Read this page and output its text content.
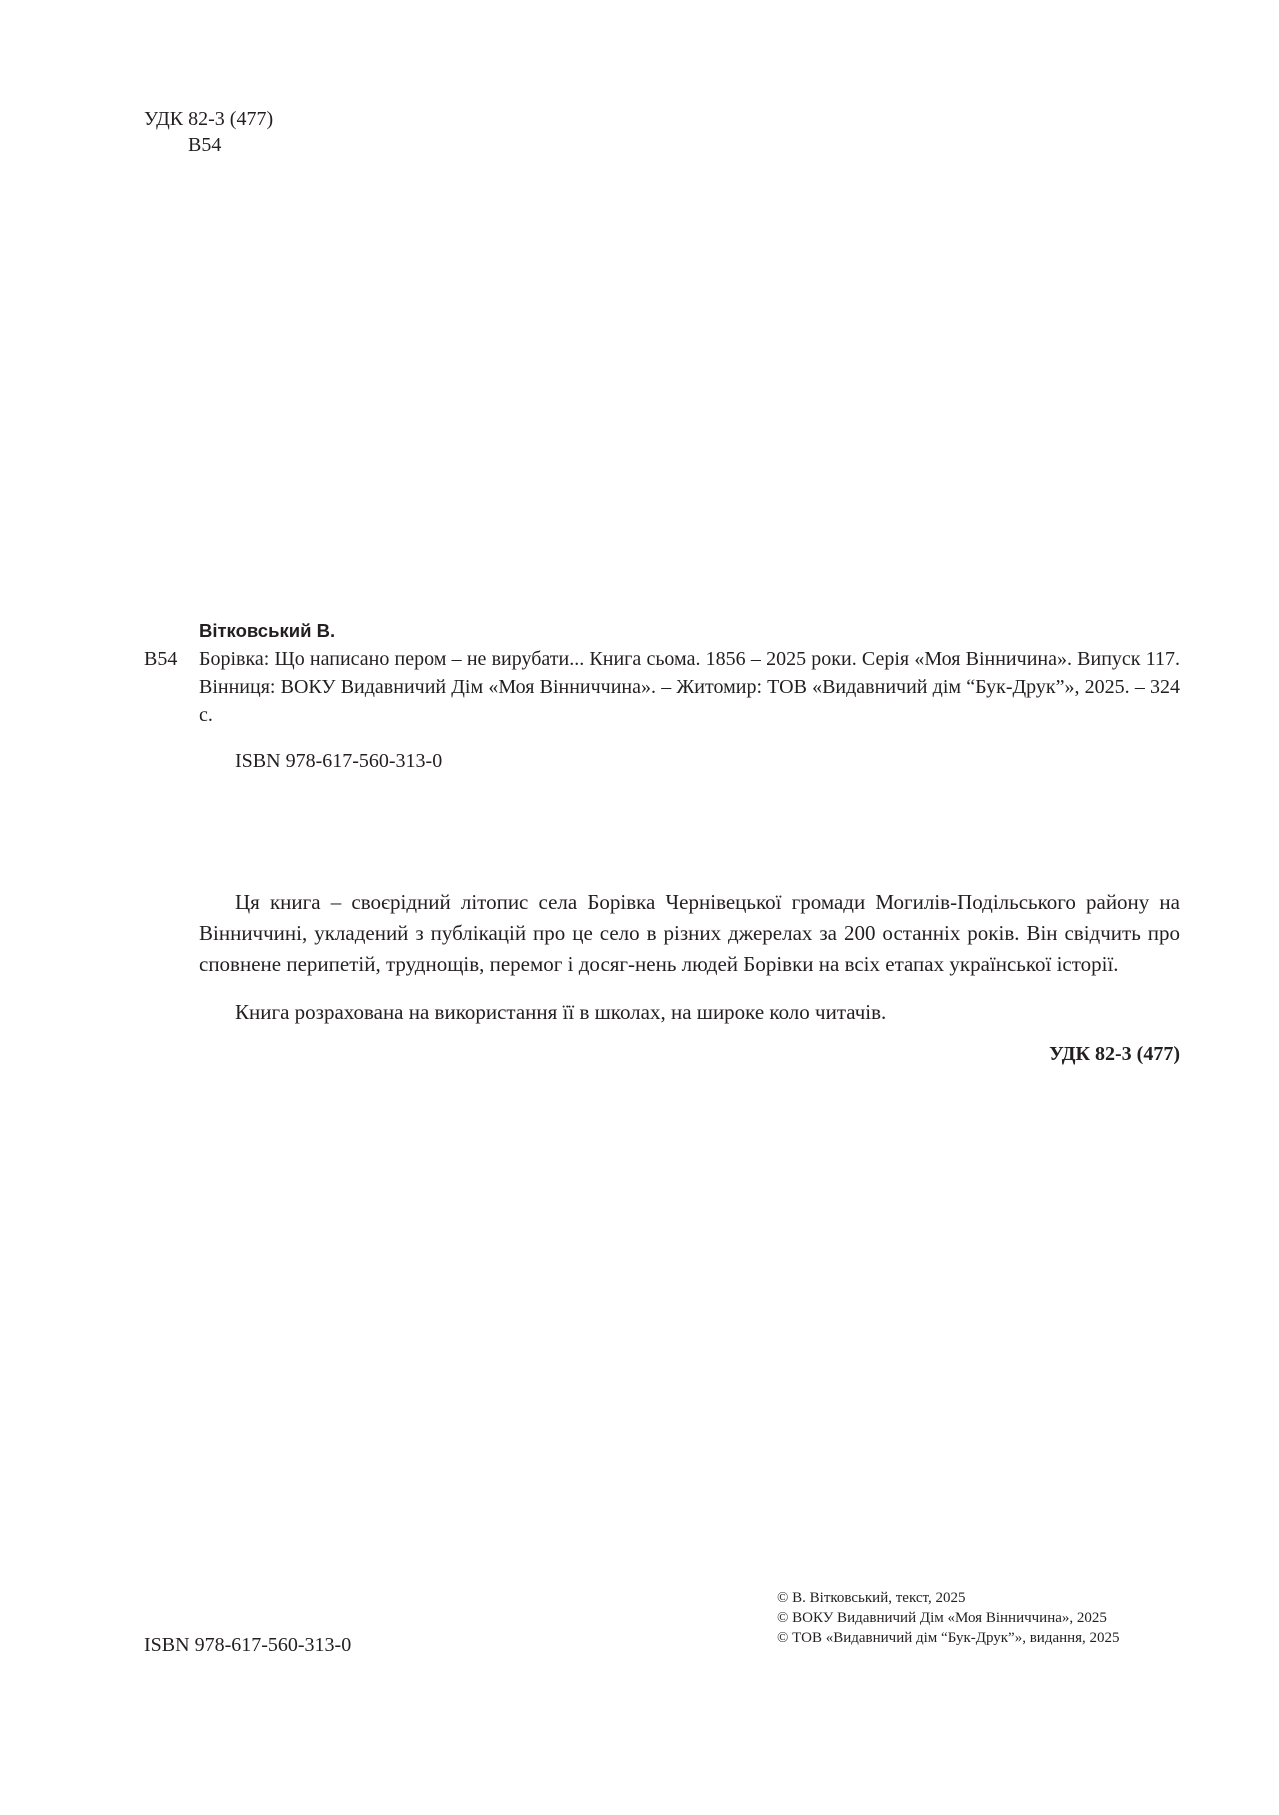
УДК 82-3 (477)
В54
Вітковський В.
В54	Борівка: Що написано пером – не вирубати... Книга сьома. 1856 – 2025 роки. Серія «Моя Вінничина». Випуск 117. Вінниця: ВОКУ Видавничий Дім «Моя Вінниччина». – Житомир: ТОВ «Видавничий дім “Бук-Друк”», 2025. – 324 с.
ISBN 978-617-560-313-0

Ця книга – своєрідний літопис села Борівка Чернівецької громади Могилів-Подільського району на Вінниччині, укладений з публікацій про це село в різних джерелах за 200 останніх років. Він свідчить про сповнене перипетій, труднощів, перемог і досяг-нень людей Борівки на всіх етапах української історії.

Книга розрахована на використання її в школах, на широке коло читачів.

УДК 82-3 (477)
ISBN 978-617-560-313-0
© В. Вітковський, текст, 2025
© ВОКУ Видавничий Дім «Моя Вінниччина», 2025
© ТОВ «Видавничий дім “Бук-Друк”», видання, 2025
